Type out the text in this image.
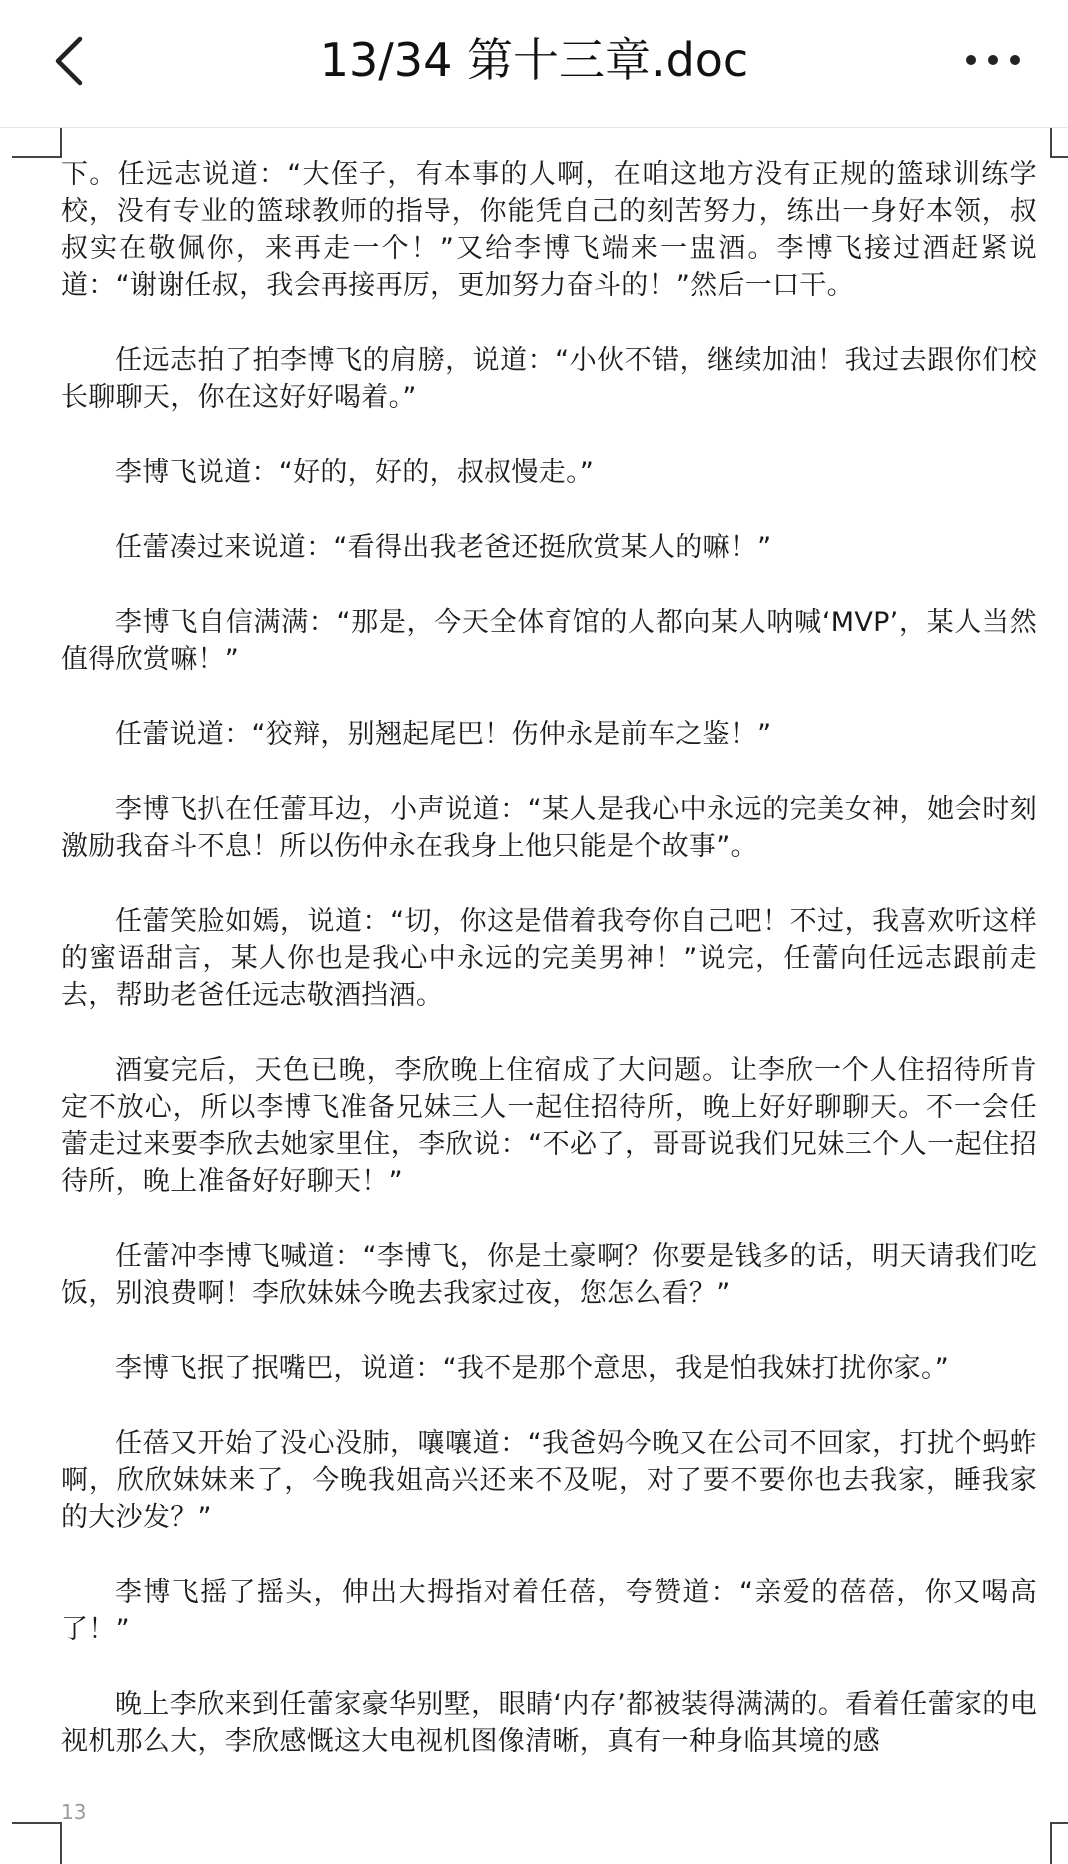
13/34 第十三章.doc

下。任远志说道：“大侄子，有本事的人啊，在咱这地方没有正规的篮球训练学校，没有专业的篮球教师的指导，你能凭自己的刻苦努力，练出一身好本领，叔叔实在敬佩你，来再走一个！”又给李博飞端来一盅酒。李博飞接过酒赶紧说道：“谢谢任叔，我会再接再厉，更加努力奋斗的！”然后一口干。

任远志拍了拍李博飞的肩膀，说道：“小伙不错，继续加油！我过去跟你们校长聊聊天，你在这好好喝着。”

李博飞说道：“好的，好的，叔叔慢走。”

任蕾凑过来说道：“看得出我老爸还挺欣赏某人的嘛！”

李博飞自信满满：“那是，今天全体育馆的人都向某人呐喊‘MVP’，某人当然值得欣赏嘛！”

任蕾说道：“狡辩，别翘起尾巴！伤仲永是前车之鉴！”

李博飞扒在任蕾耳边，小声说道：“某人是我心中永远的完美女神，她会时刻激励我奋斗不息！所以伤仲永在我身上他只能是个故事”。

任蕾笑脸如嫣，说道：“切，你这是借着我夸你自己吧！不过，我喜欢听这样的蜜语甜言，某人你也是我心中永远的完美男神！”说完，任蕾向任远志跟前走去，帮助老爸任远志敬酒挡酒。

酒宴完后，天色已晚，李欣晚上住宿成了大问题。让李欣一个人住招待所肯定不放心，所以李博飞准备兄妹三人一起住招待所，晚上好好聊聊天。不一会任蕾走过来要李欣去她家里住，李欣说：“不必了，哥哥说我们兄妹三个人一起住招待所，晚上准备好好聊天！”

任蕾冲李博飞喊道：“李博飞，你是土豪啊？你要是钱多的话，明天请我们吃饭，别浪费啊！李欣妹妹今晚去我家过夜，您怎么看？”

李博飞抿了抿嘴巴，说道：“我不是那个意思，我是怕我妹打扰你家。”

任蓓又开始了没心没肺，嚷嚷道：“我爸妈今晚又在公司不回家，打扰个蚂蚱啊，欣欣妹妹来了，今晚我姐高兴还来不及呢，对了要不要你也去我家，睡我家的大沙发？”

李博飞摇了摇头，伸出大拇指对着任蓓，夸赞道：“亲爱的蓓蓓，你又喝高了！”

晚上李欣来到任蕾家豪华别墅，眼睛‘内存’都被装得满满的。看着任蕾家的电视机那么大，李欣感慨这大电视机图像清晰，真有一种身临其境的感

13
